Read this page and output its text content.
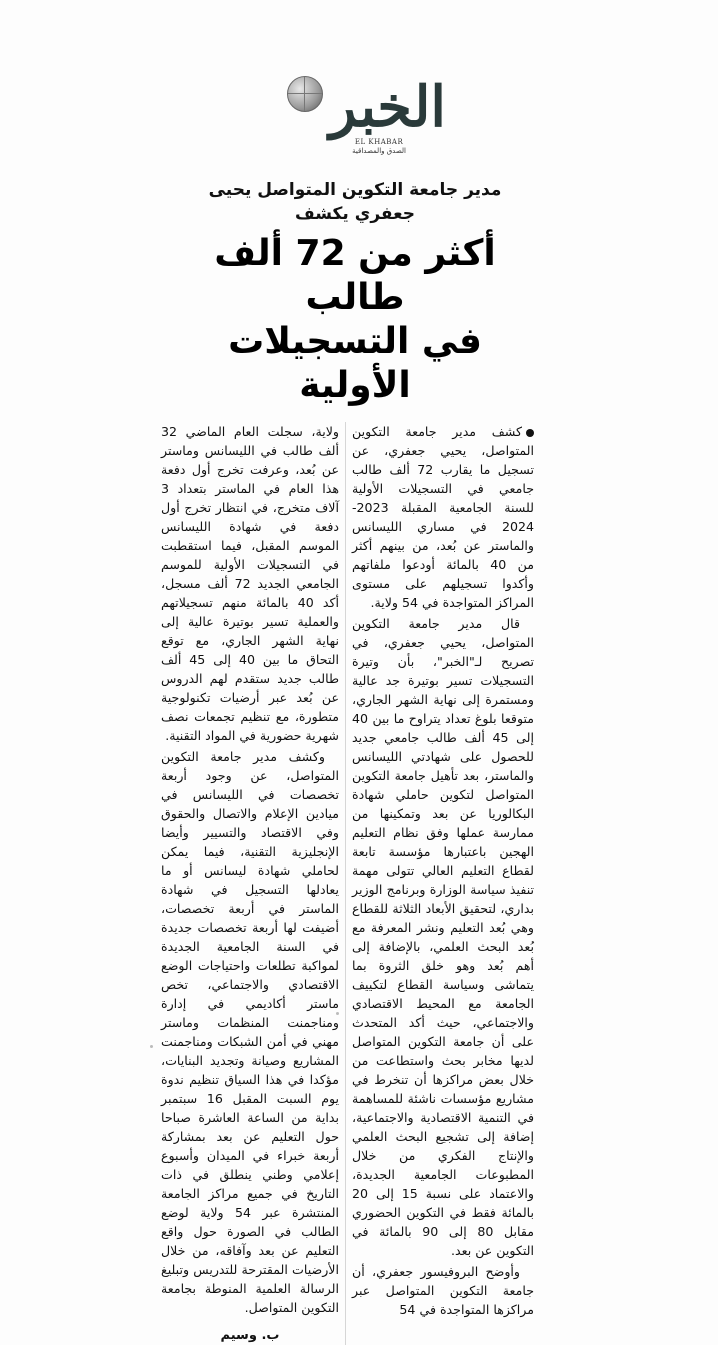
الخبر
EL KHABAR
الصدق والمصداقية
مدير جامعة التكوين المتواصل يحيى جعفري يكشف
أكثر من 72 ألف طالب
في التسجيلات الأولية

كشف مدير جامعة التكوين المتواصل، يحيي جعفري، عن تسجيل ما يقارب 72 ألف طالب جامعي في التسجيلات الأولية للسنة الجامعية المقبلة 2023-2024 في مساري الليسانس والماستر عن بُعد، من بينهم أكثر من 40 بالمائة أودعوا ملفاتهم وأكدوا تسجيلهم على مستوى المراكز المتواجدة في 54 ولاية.

قال مدير جامعة التكوين المتواصل، يحيي جعفري، في تصريح لـ"الخبر"، بأن وتيرة التسجيلات تسير بوتيرة جد عالية ومستمرة إلى نهاية الشهر الجاري، متوقعا بلوغ تعداد يتراوح ما بين 40 إلى 45 ألف طالب جامعي جديد للحصول على شهادتي الليسانس والماستر، بعد تأهيل جامعة التكوين المتواصل لتكوين حاملي شهادة البكالوريا عن بعد وتمكينها من ممارسة عملها وفق نظام التعليم الهجين باعتبارها مؤسسة تابعة لقطاع التعليم العالي تتولى مهمة تنفيذ سياسة الوزارة وبرنامج الوزير بداري، لتحقيق الأبعاد الثلاثة للقطاع وهي بُعد التعليم ونشر المعرفة مع بُعد البحث العلمي، بالإضافة إلى أهم بُعد وهو خلق الثروة بما يتماشى وسياسة القطاع لتكييف الجامعة مع المحيط الاقتصادي والاجتماعي، حيث أكد المتحدث على أن جامعة التكوين المتواصل لديها مخابر بحث واستطاعت من خلال بعض مراكزها أن تنخرط في مشاريع مؤسسات ناشئة للمساهمة في التنمية الاقتصادية والاجتماعية، إضافة إلى تشجيع البحث العلمي والإنتاج الفكري من خلال المطبوعات الجامعية الجديدة، والاعتماد على نسبة 15 إلى 20 بالمائة فقط في التكوين الحضوري مقابل 80 إلى 90 بالمائة في التكوين عن بعد.

وأوضح البروفيسور جعفري، أن جامعة التكوين المتواصل عبر مراكزها المتواجدة في 54

ولاية، سجلت العام الماضي 32 ألف طالب في الليسانس وماستر عن بُعد، وعرفت تخرج أول دفعة هذا العام في الماستر بتعداد 3 آلاف متخرج، في انتظار تخرج أول دفعة في شهادة الليسانس الموسم المقبل، فيما استقطبت في التسجيلات الأولية للموسم الجامعي الجديد 72 ألف مسجل، أكد 40 بالمائة منهم تسجيلاتهم والعملية تسير بوتيرة عالية إلى نهاية الشهر الجاري، مع توقع التحاق ما بين 40 إلى 45 ألف طالب جديد ستقدم لهم الدروس عن بُعد عبر أرضيات تكنولوجية متطورة، مع تنظيم تجمعات نصف شهرية حضورية في المواد التقنية.

وكشف مدير جامعة التكوين المتواصل، عن وجود أربعة تخصصات في الليسانس في ميادين الإعلام والاتصال والحقوق وفي الاقتصاد والتسيير وأيضا الإنجليزية التقنية، فيما يمكن لحاملي شهادة ليسانس أو ما يعادلها التسجيل في شهادة الماستر في أربعة تخصصات، أضيفت لها أربعة تخصصات جديدة في السنة الجامعية الجديدة لمواكبة تطلعات واحتياجات الوضع الاقتصادي والاجتماعي، تخص ماستر أكاديمي في إدارة ومناجمنت المنظمات وماستر مهني في أمن الشبكات ومناجمنت المشاريع وصيانة وتجديد البنايات، مؤكدا في هذا السياق تنظيم ندوة يوم السبت المقبل 16 سبتمبر بداية من الساعة العاشرة صباحا حول التعليم عن بعد بمشاركة أربعة خبراء في الميدان وأسبوع إعلامي وطني ينطلق في ذات التاريخ في جميع مراكز الجامعة المنتشرة عبر 54 ولاية لوضع الطالب في الصورة حول واقع التعليم عن بعد وآفاقه، من خلال الأرضيات المقترحة للتدريس وتبليغ الرسالة العلمية المنوطة بجامعة التكوين المتواصل.

ب. وسيم
